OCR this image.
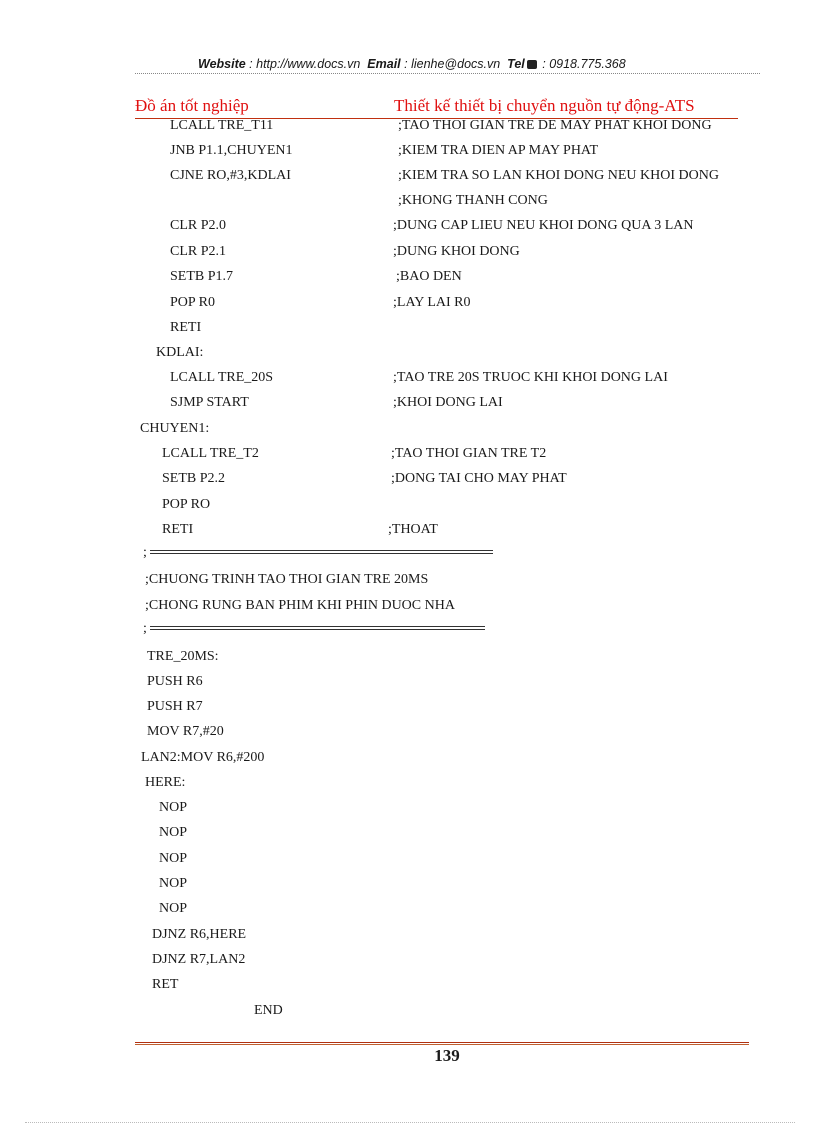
Website : http://www.docs.vn Email : lienhe@docs.vn Tel : 0918.775.368
Đồ án tốt nghiệp	Thiết kế thiết bị chuyển nguồn tự động-ATS
LCALL TRE_T11	;TAO THOI GIAN TRE DE MAY PHAT KHOI DONG
JNB P1.1,CHUYEN1	;KIEM TRA DIEN AP MAY PHAT
CJNE RO,#3,KDLAI	;KIEM TRA SO LAN KHOI DONG NEU KHOI DONG
;KHONG THANH CONG
CLR P2.0	;DUNG CAP LIEU NEU KHOI DONG QUA 3 LAN
CLR P2.1	;DUNG KHOI DONG
SETB P1.7	;BAO DEN
POP R0	;LAY LAI R0
RETI
KDLAI:
LCALL TRE_20S	;TAO TRE 20S TRUOC KHI KHOI DONG LAI
SJMP START	;KHOI DONG LAI
CHUYEN1:
LCALL TRE_T2	;TAO THOI GIAN TRE T2
SETB P2.2	;DONG TAI CHO MAY PHAT
POP RO
RETI	;THOAT
;
;CHUONG TRINH TAO THOI GIAN TRE 20MS
;CHONG RUNG BAN PHIM KHI PHIN DUOC NHA
;
TRE_20MS:
PUSH R6
PUSH R7
MOV R7,#20
LAN2:MOV R6,#200
HERE:
NOP
NOP
NOP
NOP
NOP
DJNZ R6,HERE
DJNZ R7,LAN2
RET
END
139
